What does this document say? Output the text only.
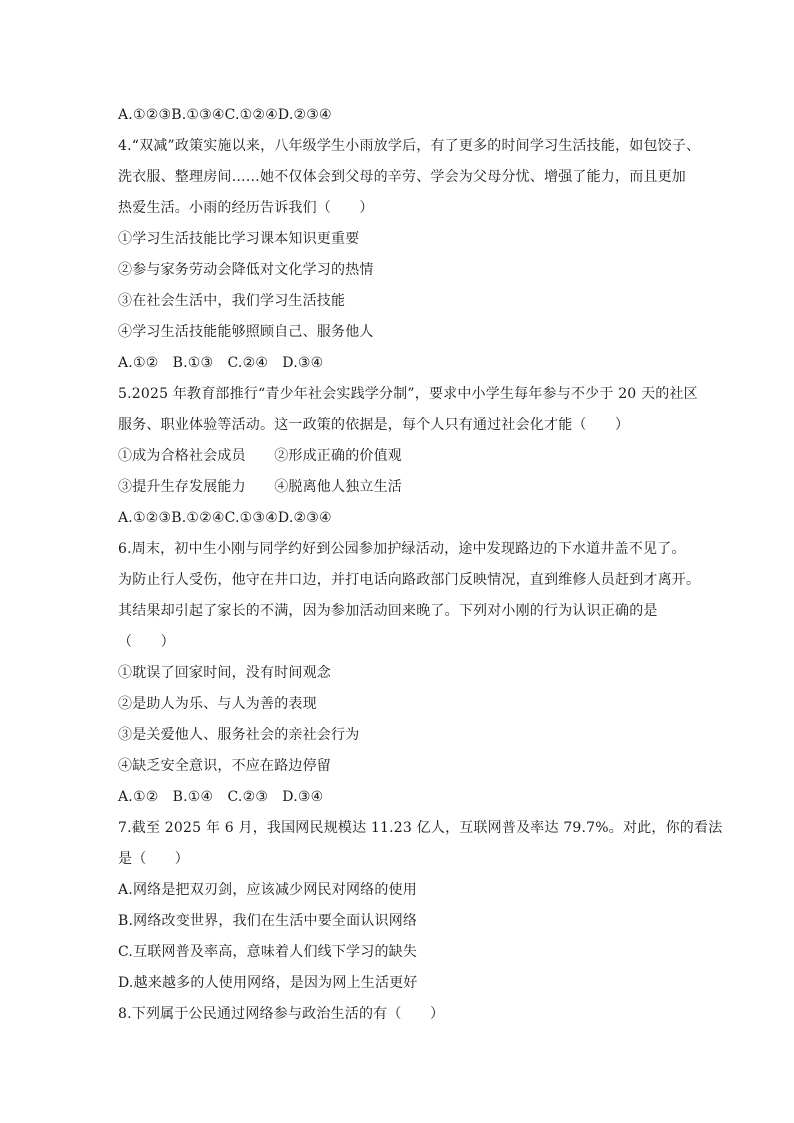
A.①②③B.①③④C.①②④D.②③④
4.“双减”政策实施以来，八年级学生小雨放学后，有了更多的时间学习生活技能，如包饺子、
洗衣服、整理房间……她不仅体会到父母的辛劳、学会为父母分忧、增强了能力，而且更加
热爱生活。小雨的经历告诉我们（　　）
①学习生活技能比学习课本知识更重要
②参与家务劳动会降低对文化学习的热情
③在社会生活中，我们学习生活技能
④学习生活技能能够照顾自己、服务他人
A.①②　B.①③　C.②④　D.③④
5.2025 年教育部推行“青少年社会实践学分制”，要求中小学生每年参与不少于 20 天的社区
服务、职业体验等活动。这一政策的依据是，每个人只有通过社会化才能（　　）
①成为合格社会成员　　②形成正确的价值观
③提升生存发展能力　　④脱离他人独立生活
A.①②③B.①②④C.①③④D.②③④
6.周末，初中生小刚与同学约好到公园参加护绿活动，途中发现路边的下水道井盖不见了。
为防止行人受伤，他守在井口边，并打电话向路政部门反映情况，直到维修人员赶到才离开。
其结果却引起了家长的不满，因为参加活动回来晚了。下列对小刚的行为认识正确的是
（　　）
①耽误了回家时间，没有时间观念
②是助人为乐、与人为善的表现
③是关爱他人、服务社会的亲社会行为
④缺乏安全意识，不应在路边停留
A.①②　B.①④　C.②③　D.③④
7.截至 2025 年 6 月，我国网民规模达 11.23 亿人，互联网普及率达 79.7%。对此，你的看法
是（　　）
A.网络是把双刃剑，应该减少网民对网络的使用
B.网络改变世界，我们在生活中要全面认识网络
C.互联网普及率高，意味着人们线下学习的缺失
D.越来越多的人使用网络，是因为网上生活更好
8.下列属于公民通过网络参与政治生活的有（　　）
